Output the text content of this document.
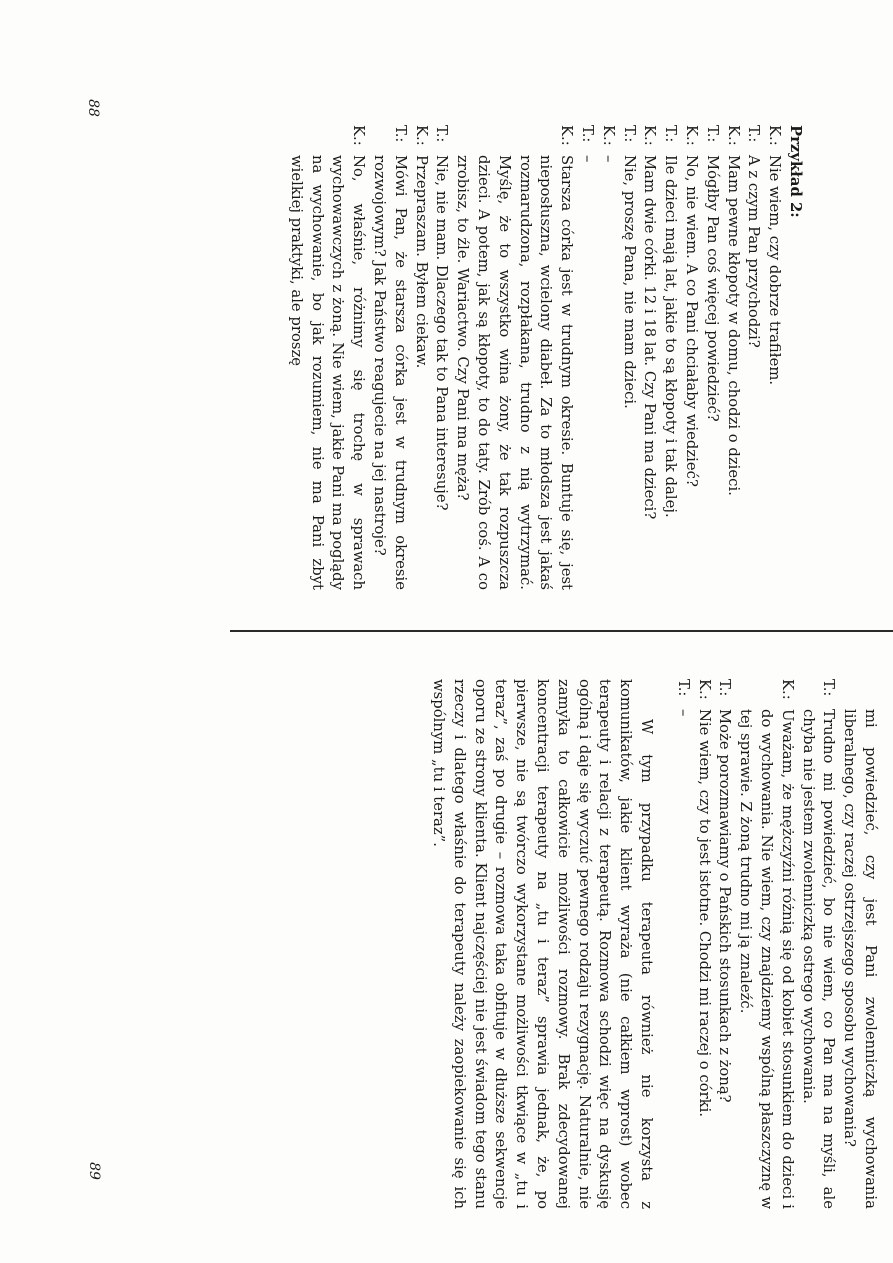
Przykład 2:
K.:
Nie wiem, czy dobrze trafiłem.
T.:
A z czym Pan przychodzi?
K.:
Mam pewne kłopoty w domu, chodzi o dzieci.
T.:
Mógłby Pan coś więcej powiedzieć?
K.:
No, nie wiem. A co Pani chciałaby wiedzieć?
T.:
Ile dzieci mają lat, jakie to są kłopoty i tak dalej.
K.:
Mam dwie córki. 12 i 18 lat. Czy Pani ma dzieci?
T.:
Nie, proszę Pana, nie mam dzieci.
K.:
–
T.:
–
K.:
Starsza córka jest w trudnym okresie. Buntuje się, jest nieposłuszna, wcielony diabeł. Za to młodsza jest jakaś rozmarudzona, rozpłakana, trudno z nią wytrzymać. Myślę, że to wszystko wina żony, że tak rozpuszcza dzieci. A potem, jak są kłopoty, to do taty. Zrób coś. A co zrobisz, to źle. Wariactwo. Czy Pani ma męża?
T.:
Nie, nie mam. Dlaczego tak to Pana interesuje?
K.:
Przepraszam. Byłem ciekaw.
T.:
Mówi Pan, że starsza córka jest w trudnym okresie rozwojowym? Jak Państwo reagujecie na jej nastroje?
K.:
No, właśnie, różnimy się trochę w sprawach wychowawczych z żoną. Nie wiem, jakie Pani ma poglądy na wychowanie, bo jak rozumiem, nie ma Pani zbyt wielkiej praktyki, ale proszę
88
mi powiedzieć, czy jest Pani zwolenniczką wychowania liberalnego, czy raczej ostrzejszego sposobu wychowania?
T.:
Trudno mi powiedzieć, bo nie wiem, co Pan ma na myśli, ale chyba nie jestem zwolenniczką ostrego wychowania.
K.:
Uważam, że mężczyźni różnią się od kobiet stosunkiem do dzieci i do wychowania. Nie wiem, czy znajdziemy wspólną płaszczyznę w tej sprawie. Z żoną trudno mi ją znaleźć.
T.:
Może porozmawiamy o Pańskich stosunkach z żoną?
K.:
Nie wiem, czy to jest istotne. Chodzi mi raczej o córki.
T.:
–

W tym przypadku terapeuta również nie korzysta z komunikatów, jakie klient wyraża (nie całkiem wprost) wobec terapeuty i relacji z terapeutą. Rozmowa schodzi więc na dyskusję ogólną i daje się wyczuć pewnego rodzaju rezygnację. Naturalnie, nie zamyka to całkowicie możliwości rozmowy. Brak zdecydowanej koncentracji terapeuty na „tu i teraz” sprawia jednak, że, po pierwsze, nie są twórczo wykorzystane możliwości tkwiące w „tu i teraz”, zaś po drugie – rozmowa taka obfituje w dłuższe sekwencje oporu ze strony klienta. Klient najczęściej nie jest świadom tego stanu rzeczy i dlatego właśnie do terapeuty należy zaopiekowanie się ich wspólnym „tu i teraz”.

89
